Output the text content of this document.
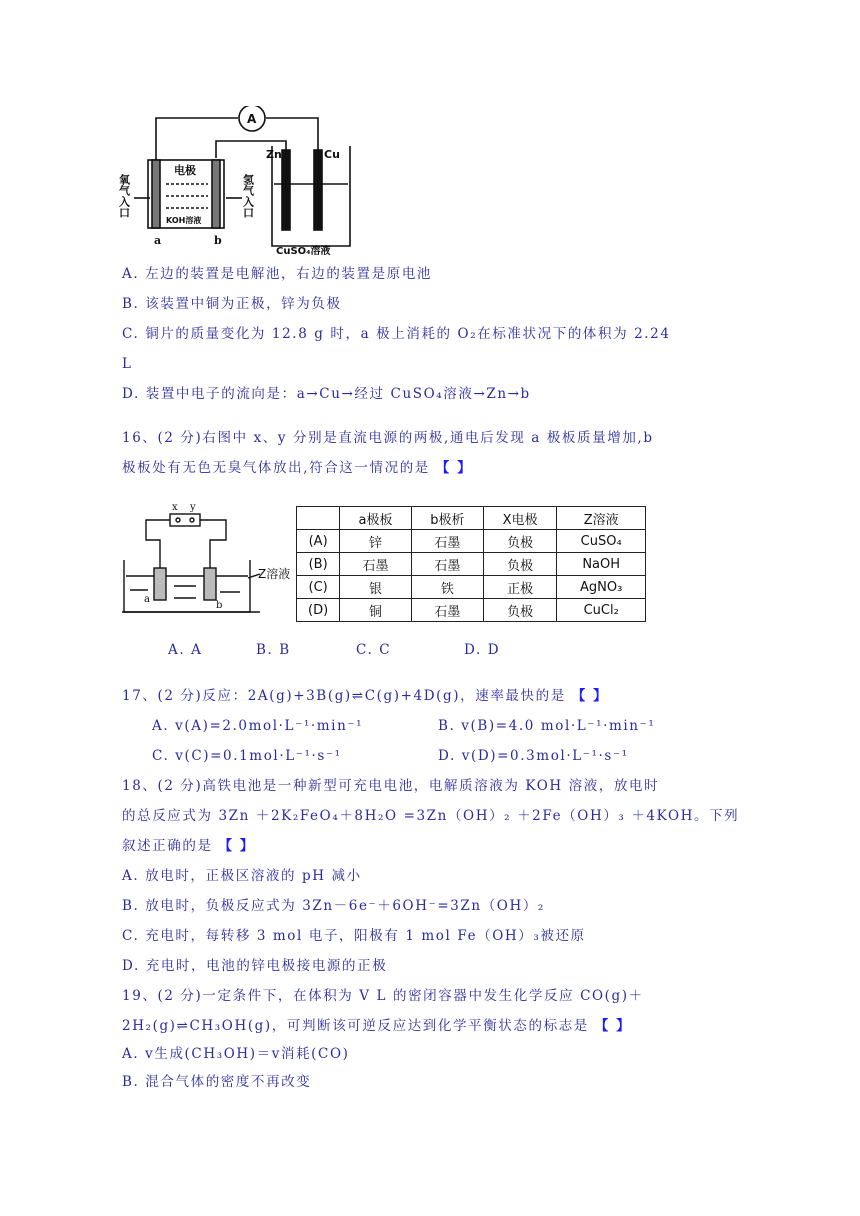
A
电极
KOH溶液
a	b
Zn	Cu
CuSO₄溶液
氧气入口	氢气入口
A. 左边的装置是电解池，右边的装置是原电池
B. 该装置中铜为正极，锌为负极
C. 铜片的质量变化为 12.8 g 时，a 极上消耗的 O₂在标准状况下的体积为 2.24
L
D. 装置中电子的流向是：a→Cu→经过 CuSO₄溶液→Zn→b
16、(2 分)右图中 x、y 分别是直流电源的两极,通电后发现 a 极板质量增加,b
极板处有无色无臭气体放出,符合这一情况的是 【 】
x y
Z溶液
a
b
	a极板	b极析	X电极	Z溶液
(A)	锌	石墨	负极	CuSO₄
(B)	石墨	石墨	负极	NaOH
(C)	银	铁	正极	AgNO₃
(D)	铜	石墨	负极	CuCl₂
A. A	B. B	C. C	D. D
17、(2 分)反应：2A(g)+3B(g)⇌C(g)+4D(g)，速率最快的是 【 】
A. v(A)=2.0mol·L⁻¹·min⁻¹	B. v(B)=4.0 mol·L⁻¹·min⁻¹
C. v(C)=0.1mol·L⁻¹·s⁻¹	D. v(D)=0.3mol·L⁻¹·s⁻¹
18、(2 分)高铁电池是一种新型可充电电池，电解质溶液为 KOH 溶液，放电时
的总反应式为 3Zn ＋2K₂FeO₄＋8H₂O =3Zn（OH）₂ ＋2Fe（OH）₃ ＋4KOH。下列
叙述正确的是 【 】
A. 放电时，正极区溶液的 pH 减小
B. 放电时，负极反应式为 3Zn－6e⁻＋6OH⁻=3Zn（OH）₂
C. 充电时，每转移 3 mol 电子，阳极有 1 mol Fe（OH）₃被还原
D. 充电时，电池的锌电极接电源的正极
19、(2 分)一定条件下，在体积为 V L 的密闭容器中发生化学反应 CO(g)＋
2H₂(g)⇌CH₃OH(g)，可判断该可逆反应达到化学平衡状态的标志是 【 】
A. v生成(CH₃OH)＝v消耗(CO)
B. 混合气体的密度不再改变
